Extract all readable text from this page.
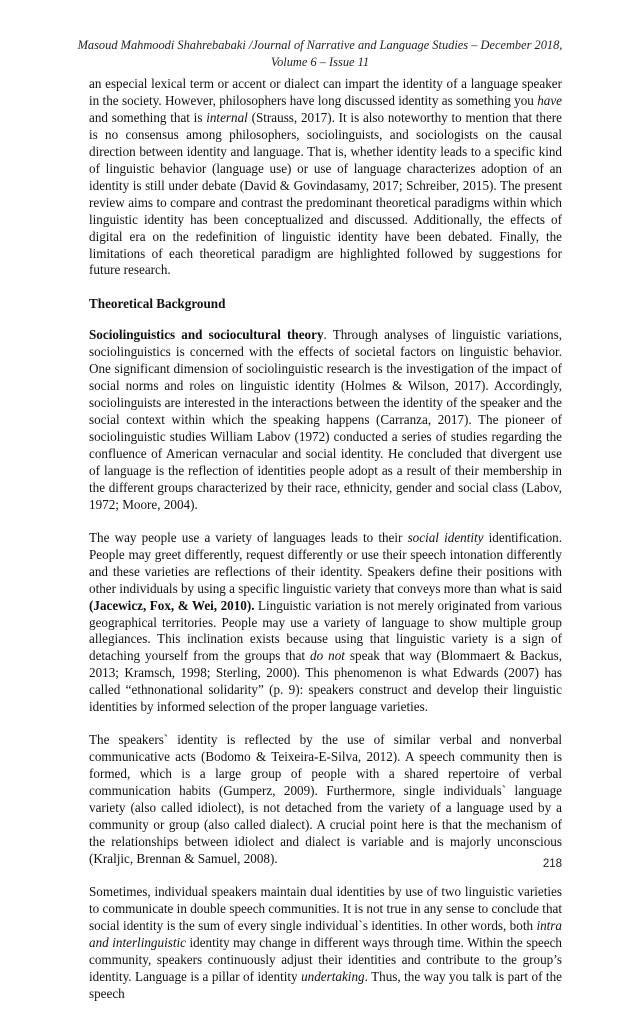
Masoud Mahmoodi Shahrebabaki /Journal of Narrative and Language Studies – December 2018,
Volume 6 – Issue 11

an especial lexical term or accent or dialect can impart the identity of a language speaker in the society. However, philosophers have long discussed identity as something you have and something that is internal (Strauss, 2017). It is also noteworthy to mention that there is no consensus among philosophers, sociolinguists, and sociologists on the causal direction between identity and language. That is, whether identity leads to a specific kind of linguistic behavior (language use) or use of language characterizes adoption of an identity is still under debate (David & Govindasamy, 2017; Schreiber, 2015). The present review aims to compare and contrast the predominant theoretical paradigms within which linguistic identity has been conceptualized and discussed. Additionally, the effects of digital era on the redefinition of linguistic identity have been debated. Finally, the limitations of each theoretical paradigm are highlighted followed by suggestions for future research.

Theoretical Background

Sociolinguistics and sociocultural theory. Through analyses of linguistic variations, sociolinguistics is concerned with the effects of societal factors on linguistic behavior. One significant dimension of sociolinguistic research is the investigation of the impact of social norms and roles on linguistic identity (Holmes & Wilson, 2017). Accordingly, sociolinguists are interested in the interactions between the identity of the speaker and the social context within which the speaking happens (Carranza, 2017). The pioneer of sociolinguistic studies William Labov (1972) conducted a series of studies regarding the confluence of American vernacular and social identity. He concluded that divergent use of language is the reflection of identities people adopt as a result of their membership in the different groups characterized by their race, ethnicity, gender and social class (Labov, 1972; Moore, 2004).

The way people use a variety of languages leads to their social identity identification. People may greet differently, request differently or use their speech intonation differently and these varieties are reflections of their identity. Speakers define their positions with other individuals by using a specific linguistic variety that conveys more than what is said (Jacewicz, Fox, & Wei, 2010). Linguistic variation is not merely originated from various geographical territories. People may use a variety of language to show multiple group allegiances. This inclination exists because using that linguistic variety is a sign of detaching yourself from the groups that do not speak that way (Blommaert & Backus, 2013; Kramsch, 1998; Sterling, 2000). This phenomenon is what Edwards (2007) has called “ethnonational solidarity” (p. 9): speakers construct and develop their linguistic identities by informed selection of the proper language varieties.

The speakers` identity is reflected by the use of similar verbal and nonverbal communicative acts (Bodomo & Teixeira-E-Silva, 2012). A speech community then is formed, which is a large group of people with a shared repertoire of verbal communication habits (Gumperz, 2009). Furthermore, single individuals` language variety (also called idiolect), is not detached from the variety of a language used by a community or group (also called dialect). A crucial point here is that the mechanism of the relationships between idiolect and dialect is variable and is majorly unconscious (Kraljic, Brennan & Samuel, 2008).

Sometimes, individual speakers maintain dual identities by use of two linguistic varieties to communicate in double speech communities. It is not true in any sense to conclude that social identity is the sum of every single individual`s identities. In other words, both intra and interlinguistic identity may change in different ways through time. Within the speech community, speakers continuously adjust their identities and contribute to the group’s identity. Language is a pillar of identity undertaking. Thus, the way you talk is part of the speech

218
